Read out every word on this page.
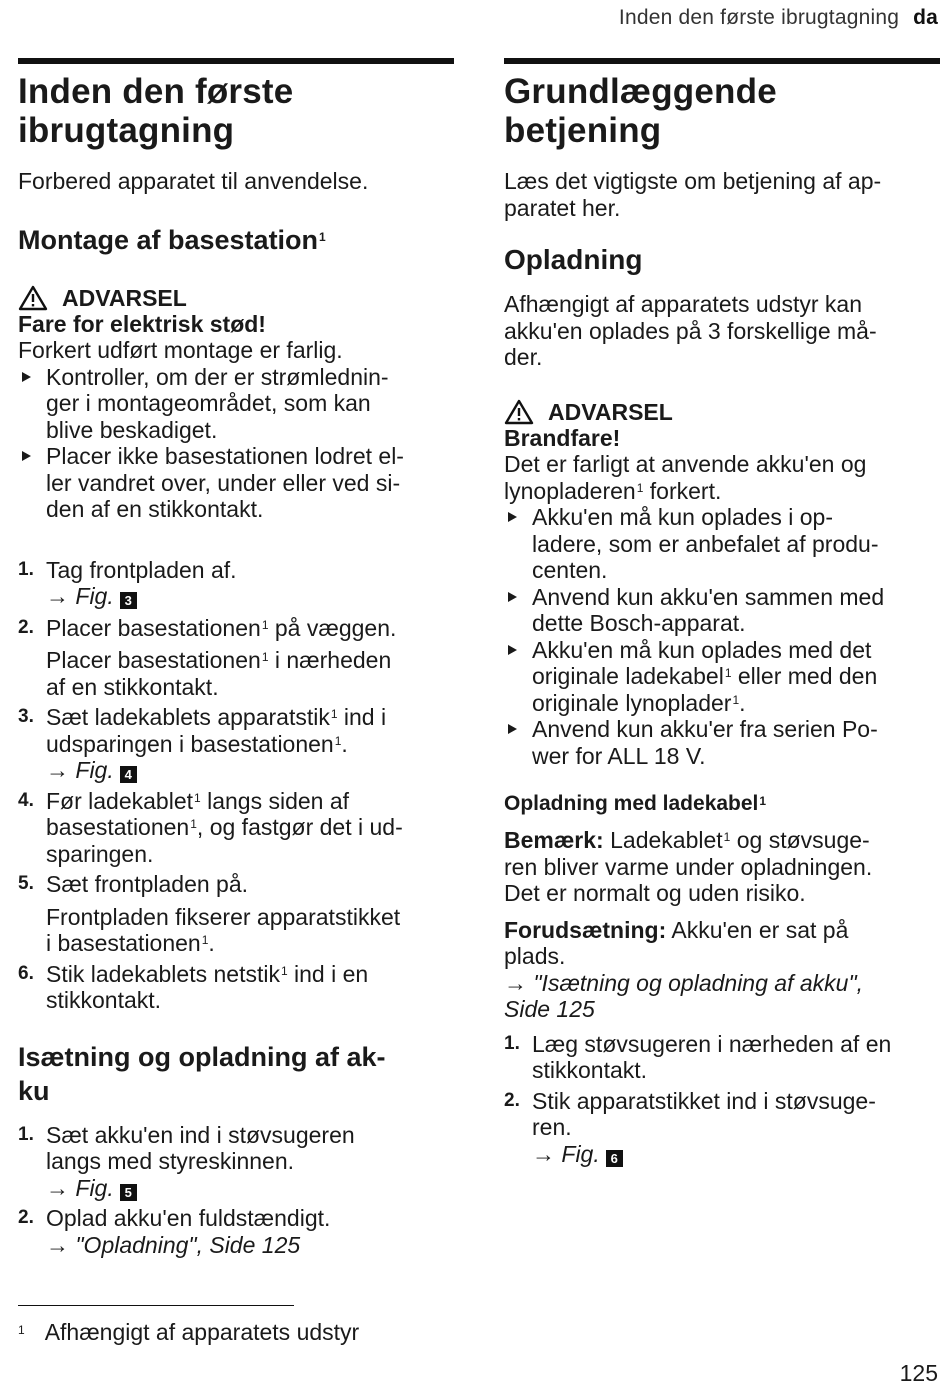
Inden den første ibrugtagning da
Inden den første
ibrugtagning

Forbered apparatet til anvendelse.

Montage af basestation$^1$
ADVARSEL
Fare for elektrisk stød!
Forkert udført montage er farlig.
Kontroller, om der er strømlednin-
ger i montageområdet, som kan
blive beskadiget.
Placer ikke basestationen lodret el-
ler vandret over, under eller ved si-
den af en stikkontakt.
1. Tag frontpladen af.
→ Fig. 3
2. Placer basestationen$^1$ på væggen.
Placer basestationen$^1$ i nærheden
af en stikkontakt.
3. Sæt ladekablets apparatstik$^1$ ind i
udsparingen i basestationen$^1$.
→ Fig. 4
4. Før ladekablet$^1$ langs siden af
basestationen$^1$, og fastgør det i ud-
sparingen.
5. Sæt frontpladen på.
Frontpladen fikserer apparatstikket
i basestationen$^1$.
6. Stik ladekablets netstik$^1$ ind i en
stikkontakt.
Isætning og opladning af ak-
ku
1. Sæt akku'en ind i støvsugeren
langs med styreskinnen.
→ Fig. 5
2. Oplad akku'en fuldstændigt.
→ "Opladning", Side 125
Grundlæggende
betjening

Læs det vigtigste om betjening af ap-
paratet her.

Opladning

Afhængigt af apparatets udstyr kan
akku'en oplades på 3 forskellige må-
der.

ADVARSEL
Brandfare!
Det er farligt at anvende akku'en og
lynopladeren$^1$ forkert.
Akku'en må kun oplades i op-
ladere, som er anbefalet af produ-
centen.
Anvend kun akku'en sammen med
dette Bosch-apparat.
Akku'en må kun oplades med det
originale ladekabel$^1$ eller med den
originale lynoplader$^1$.
Anvend kun akku'er fra serien Po-
wer for ALL 18 V.
Opladning med ladekabel$^1$

Bemærk: Ladekablet$^1$ og støvsuge-
ren bliver varme under opladningen.
Det er normalt og uden risiko.

Forudsætning: Akku'en er sat på
plads.

→ "Isætning og opladning af akku",
Side 125
1. Læg støvsugeren i nærheden af en
stikkontakt.
2. Stik apparatstikket ind i støvsuge-
ren.
→ Fig. 6
$^1$ Afhængigt af apparatets udstyr
125
